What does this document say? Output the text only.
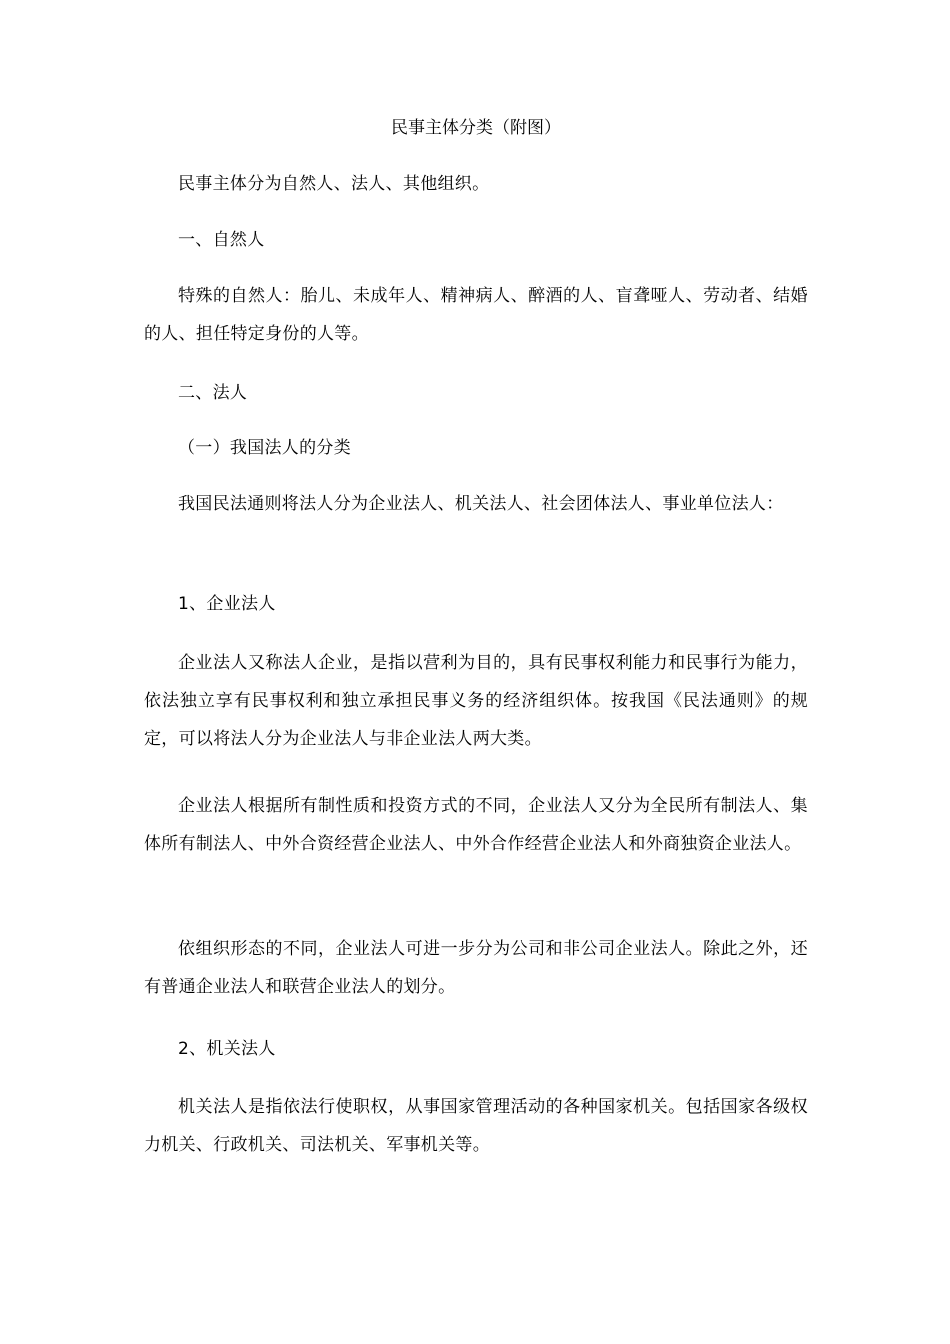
民事主体分类（附图）
民事主体分为自然人、法人、其他组织。
一、自然人
特殊的自然人：胎儿、未成年人、精神病人、醉酒的人、盲聋哑人、劳动者、结婚的人、担任特定身份的人等。
二、法人
（一）我国法人的分类
我国民法通则将法人分为企业法人、机关法人、社会团体法人、事业单位法人：
1、企业法人
企业法人又称法人企业，是指以营利为目的，具有民事权利能力和民事行为能力，依法独立享有民事权利和独立承担民事义务的经济组织体。按我国《民法通则》的规定，可以将法人分为企业法人与非企业法人两大类。
企业法人根据所有制性质和投资方式的不同，企业法人又分为全民所有制法人、集体所有制法人、中外合资经营企业法人、中外合作经营企业法人和外商独资企业法人。
依组织形态的不同，企业法人可进一步分为公司和非公司企业法人。除此之外，还有普通企业法人和联营企业法人的划分。
2、机关法人
机关法人是指依法行使职权，从事国家管理活动的各种国家机关。包括国家各级权力机关、行政机关、司法机关、军事机关等。
